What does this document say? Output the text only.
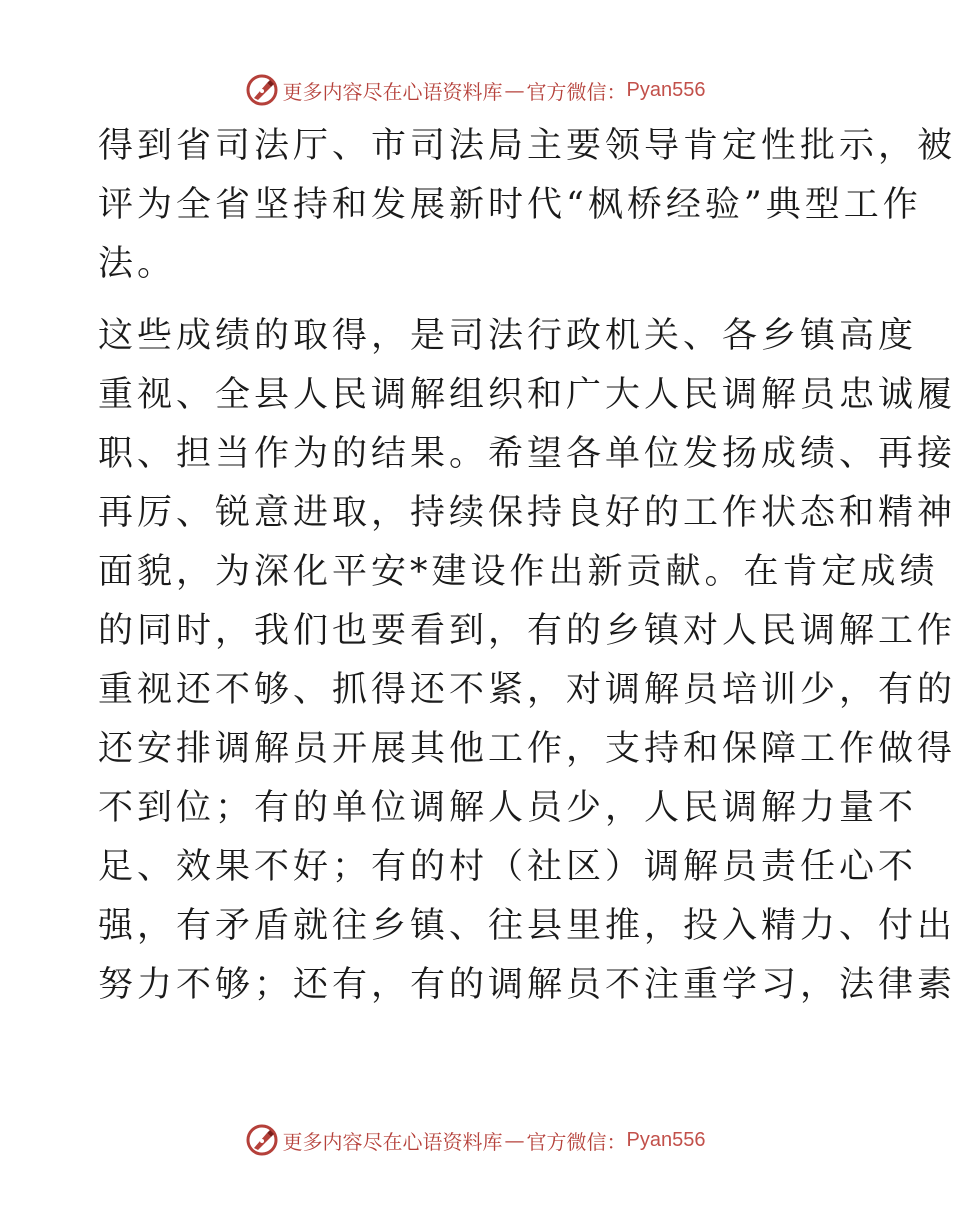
更多内容尽在心语资料库 — 官方微信： Pyan556

得到省司法厅、市司法局主要领导肯定性批示，被
评为全省坚持和发展新时代“枫桥经验”典型工作
法。

这些成绩的取得，是司法行政机关、各乡镇高度
重视、全县人民调解组织和广大人民调解员忠诚履
职、担当作为的结果。希望各单位发扬成绩、再接
再厉、锐意进取，持续保持良好的工作状态和精神
面貌，为深化平安*建设作出新贡献。在肯定成绩
的同时，我们也要看到，有的乡镇对人民调解工作
重视还不够、抓得还不紧，对调解员培训少，有的
还安排调解员开展其他工作，支持和保障工作做得
不到位；有的单位调解人员少，人民调解力量不
足、效果不好；有的村（社区）调解员责任心不
强，有矛盾就往乡镇、往县里推，投入精力、付出
努力不够；还有，有的调解员不注重学习，法律素

更多内容尽在心语资料库 — 官方微信： Pyan556
